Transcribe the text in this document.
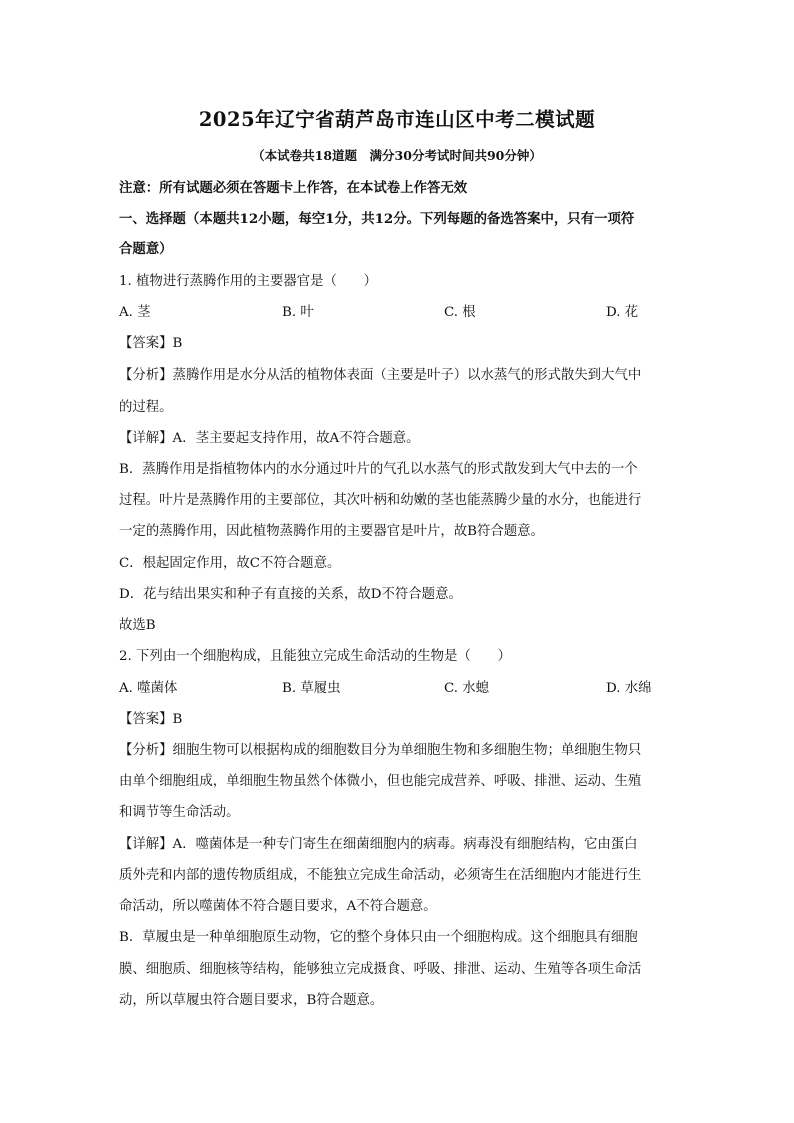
2025年辽宁省葫芦岛市连山区中考二模试题
（本试卷共18道题　满分30分考试时间共90分钟）
注意：所有试题必须在答题卡上作答，在本试卷上作答无效
一、选择题（本题共12小题，每空1分，共12分。下列每题的备选答案中，只有一项符
合题意）
1. 植物进行蒸腾作用的主要器官是（　　）
A. 茎	B. 叶	C. 根	D. 花
【答案】B
【分析】蒸腾作用是水分从活的植物体表面（主要是叶子）以水蒸气的形式散失到大气中
的过程。
【详解】A．茎主要起支持作用，故A不符合题意。
B．蒸腾作用是指植物体内的水分通过叶片的气孔以水蒸气的形式散发到大气中去的一个
过程。叶片是蒸腾作用的主要部位，其次叶柄和幼嫩的茎也能蒸腾少量的水分，也能进行
一定的蒸腾作用，因此植物蒸腾作用的主要器官是叶片，故B符合题意。
C．根起固定作用，故C不符合题意。
D．花与结出果实和种子有直接的关系，故D不符合题意。
故选B
2. 下列由一个细胞构成，且能独立完成生命活动的生物是（　　）
A. 噬菌体	B. 草履虫	C. 水螅	D. 水绵
【答案】B
【分析】细胞生物可以根据构成的细胞数目分为单细胞生物和多细胞生物；单细胞生物只
由单个细胞组成，单细胞生物虽然个体微小，但也能完成营养、呼吸、排泄、运动、生殖
和调节等生命活动。
【详解】A．噬菌体是一种专门寄生在细菌细胞内的病毒。病毒没有细胞结构，它由蛋白
质外壳和内部的遗传物质组成，不能独立完成生命活动，必须寄生在活细胞内才能进行生
命活动，所以噬菌体不符合题目要求，A不符合题意。
B．草履虫是一种单细胞原生动物，它的整个身体只由一个细胞构成。这个细胞具有细胞
膜、细胞质、细胞核等结构，能够独立完成摄食、呼吸、排泄、运动、生殖等各项生命活
动，所以草履虫符合题目要求，B符合题意。
